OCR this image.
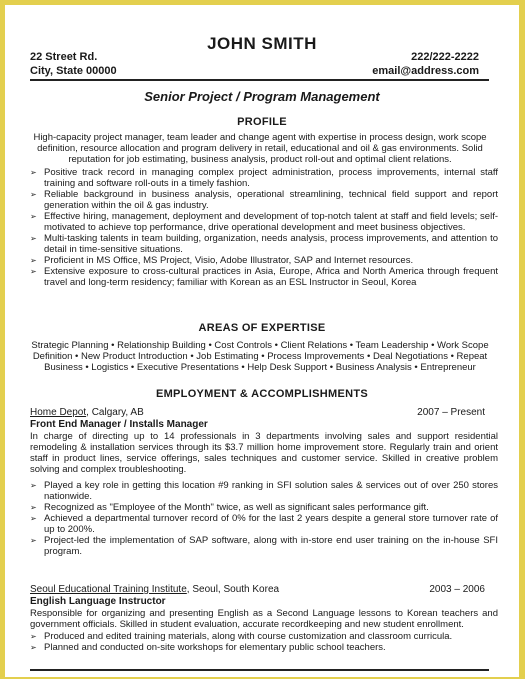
JOHN SMITH
22 Street Rd.
City, State 00000
222/222-2222
email@address.com
Senior Project / Program Management
PROFILE
High-capacity project manager, team leader and change agent with expertise in process design, work scope definition, resource allocation and program delivery in retail, educational and oil & gas environments. Solid reputation for job estimating, business analysis, product roll-out and optimal client relations.
➢ Positive track record in managing complex project administration, process improvements, internal staff training and software roll-outs in a timely fashion.
➢ Reliable background in business analysis, operational streamlining, technical field support and report generation within the oil & gas industry.
➢ Effective hiring, management, deployment and development of top-notch talent at staff and field levels; self-motivated to achieve top performance, drive operational development and meet business objectives.
➢ Multi-tasking talents in team building, organization, needs analysis, process improvements, and attention to detail in time-sensitive situations.
➢ Proficient in MS Office, MS Project, Visio, Adobe Illustrator, SAP and Internet resources.
➢ Extensive exposure to cross-cultural practices in Asia, Europe, Africa and North America through frequent travel and long-term residency; familiar with Korean as an ESL Instructor in Seoul, Korea
AREAS OF EXPERTISE
Strategic Planning • Relationship Building • Cost Controls • Client Relations • Team Leadership • Work Scope Definition • New Product Introduction • Job Estimating • Process Improvements • Deal Negotiations • Repeat Business • Logistics • Executive Presentations • Help Desk Support • Business Analysis • Entrepreneur
EMPLOYMENT & ACCOMPLISHMENTS
Home Depot, Calgary, AB	2007 – Present
Front End Manager / Installs Manager
In charge of directing up to 14 professionals in 3 departments involving sales and support residential remodeling & installation services through its $3.7 million home improvement store. Regularly train and orient staff in product lines, service offerings, sales techniques and customer service. Skilled in creative problem solving and complex troubleshooting.
➢ Played a key role in getting this location #9 ranking in SFI solution sales & services out of over 250 stores nationwide.
➢ Recognized as "Employee of the Month" twice, as well as significant sales performance gift.
➢ Achieved a departmental turnover record of 0% for the last 2 years despite a general store turnover rate of up to 200%.
➢ Project-led the implementation of SAP software, along with in-store end user training on the in-house SFI program.
Seoul Educational Training Institute, Seoul, South Korea	2003 – 2006
English Language Instructor
Responsible for organizing and presenting English as a Second Language lessons to Korean teachers and government officials. Skilled in student evaluation, accurate recordkeeping and new student enrollment.
➢ Produced and edited training materials, along with course customization and classroom curricula.
➢ Planned and conducted on-site workshops for elementary public school teachers.
